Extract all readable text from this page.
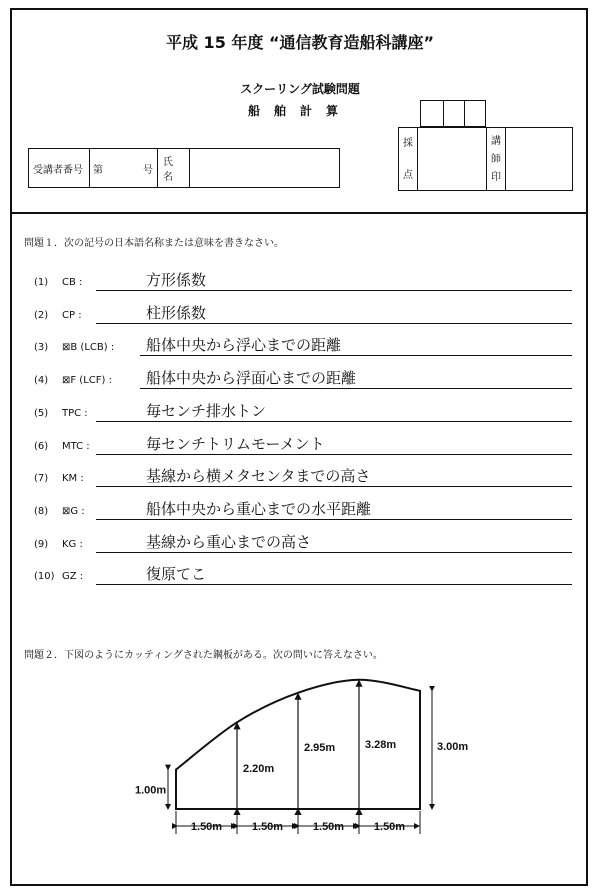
平成 15 年度 “通信教育造船科講座”
スクーリング試験問題
船舶計算
受講者番号	第	号
氏名
採
点
講
師
印
問題１．次の記号の日本語名称または意味を書きなさい。
(1)	CB :	方形係数
(2)	CP :	柱形係数
(3)	⊠B (LCB) : 船体中央から浮心までの距離
(4)	⊠F (LCF) : 船体中央から浮面心までの距離
(5)	TPC :	毎センチ排水トン
(6)	MTC :	毎センチトリムモーメント
(7)	KM :	基線から横メタセンタまでの高さ
(8)	⊠G :	船体中央から重心までの水平距離
(9)	KG :	基線から重心までの高さ
(10) GZ :	復原てこ
問題２．下図のようにカッティングされた鋼板がある。次の問いに答えなさい。
1.00m
2.20m
2.95m	3.28m	3.00m
1.50m	1.50m	1.50m	1.50m
